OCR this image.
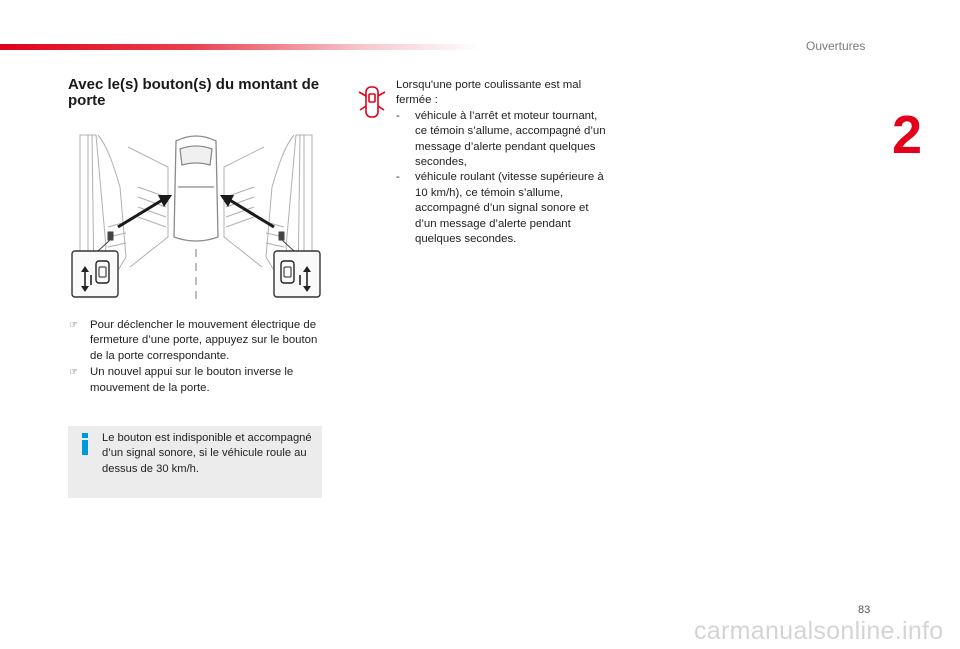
Ouvertures
2
Avec le(s) bouton(s) du montant de porte
☞ Pour déclencher le mouvement électrique de fermeture d’une porte, appuyez sur le bouton de la porte correspondante.
☞ Un nouvel appui sur le bouton inverse le mouvement de la porte.
Le bouton est indisponible et accompagné d’un signal sonore, si le véhicule roule au dessus de 30 km/h.
Lorsqu'une porte coulissante est mal fermée :
- véhicule à l’arrêt et moteur tournant, ce témoin s’allume, accompagné d’un message d’alerte pendant quelques secondes,
- véhicule roulant (vitesse supérieure à 10 km/h), ce témoin s’allume, accompagné d’un signal sonore et d’un message d’alerte pendant quelques secondes.
83
carmanualsonline.info
